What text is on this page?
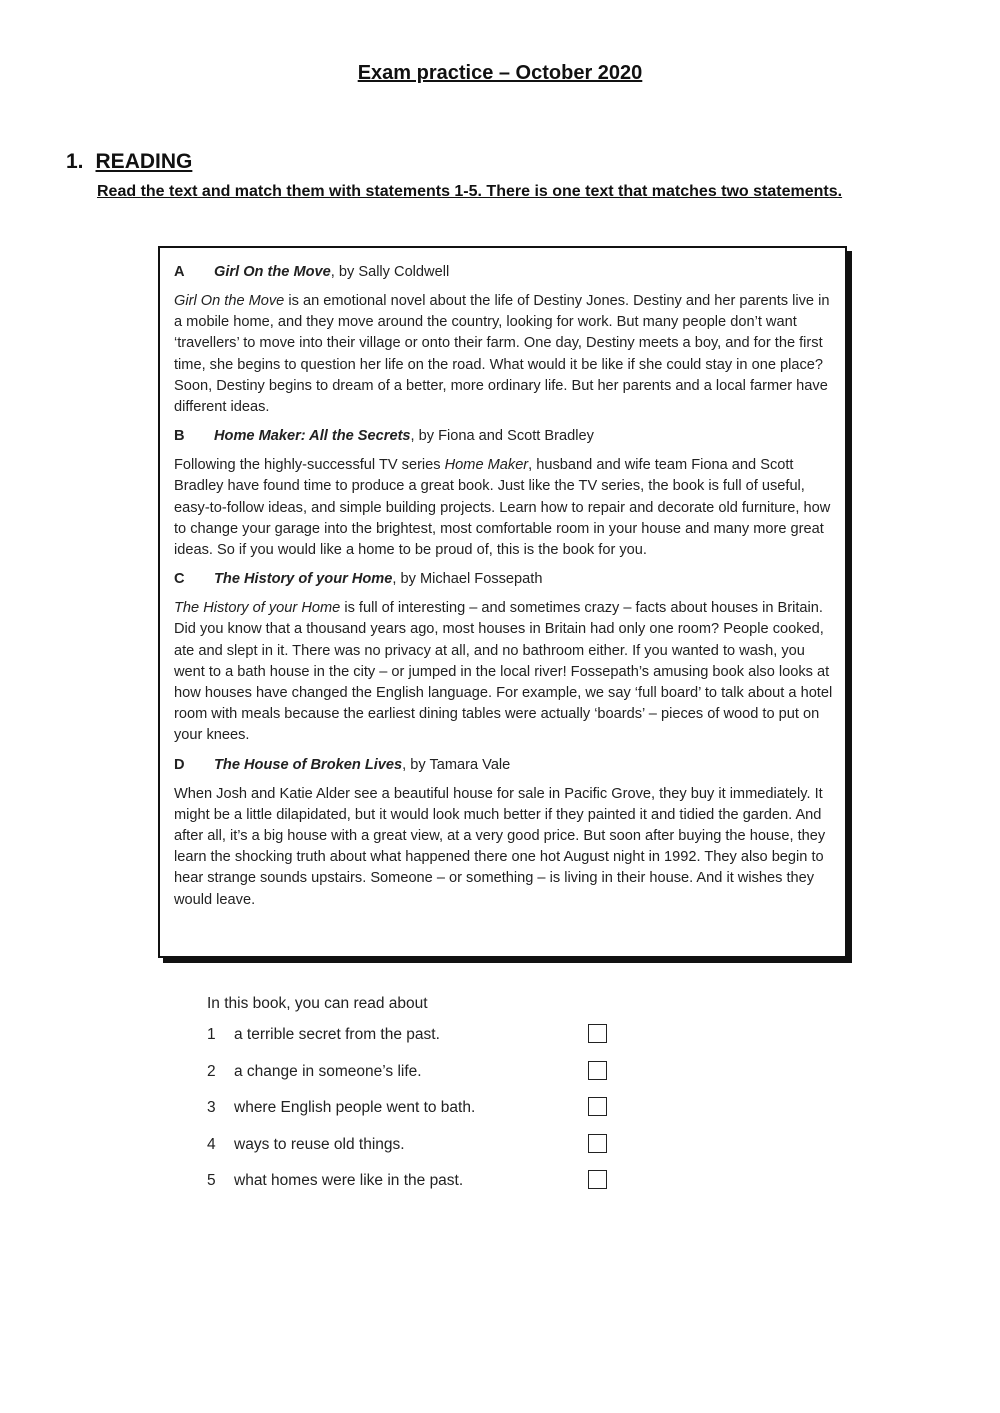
Exam practice – October 2020
1. READING
Read the text and match them with statements 1-5. There is one text that matches two statements.
A Girl On the Move, by Sally Coldwell

Girl On the Move is an emotional novel about the life of Destiny Jones. Destiny and her parents live in a mobile home, and they move around the country, looking for work. But many people don’t want ‘travellers’ to move into their village or onto their farm. One day, Destiny meets a boy, and for the first time, she begins to question her life on the road. What would it be like if she could stay in one place? Soon, Destiny begins to dream of a better, more ordinary life. But her parents and a local farmer have different ideas.

B Home Maker: All the Secrets, by Fiona and Scott Bradley

Following the highly-successful TV series Home Maker, husband and wife team Fiona and Scott Bradley have found time to produce a great book. Just like the TV series, the book is full of useful, easy-to-follow ideas, and simple building projects. Learn how to repair and decorate old furniture, how to change your garage into the brightest, most comfortable room in your house and many more great ideas. So if you would like a home to be proud of, this is the book for you.

C The History of your Home, by Michael Fossepath

The History of your Home is full of interesting – and sometimes crazy – facts about houses in Britain. Did you know that a thousand years ago, most houses in Britain had only one room? People cooked, ate and slept in it. There was no privacy at all, and no bathroom either. If you wanted to wash, you went to a bath house in the city – or jumped in the local river! Fossepath’s amusing book also looks at how houses have changed the English language. For example, we say ‘full board’ to talk about a hotel room with meals because the earliest dining tables were actually ‘boards’ – pieces of wood to put on your knees.

D The House of Broken Lives, by Tamara Vale

When Josh and Katie Alder see a beautiful house for sale in Pacific Grove, they buy it immediately. It might be a little dilapidated, but it would look much better if they painted it and tidied the garden. And after all, it’s a big house with a great view, at a very good price. But soon after buying the house, they learn the shocking truth about what happened there one hot August night in 1992. They also begin to hear strange sounds upstairs. Someone – or something – is living in their house. And it wishes they would leave.

In this book, you can read about
1 a terrible secret from the past.
2 a change in someone’s life.
3 where English people went to bath.
4 ways to reuse old things.
5 what homes were like in the past.
